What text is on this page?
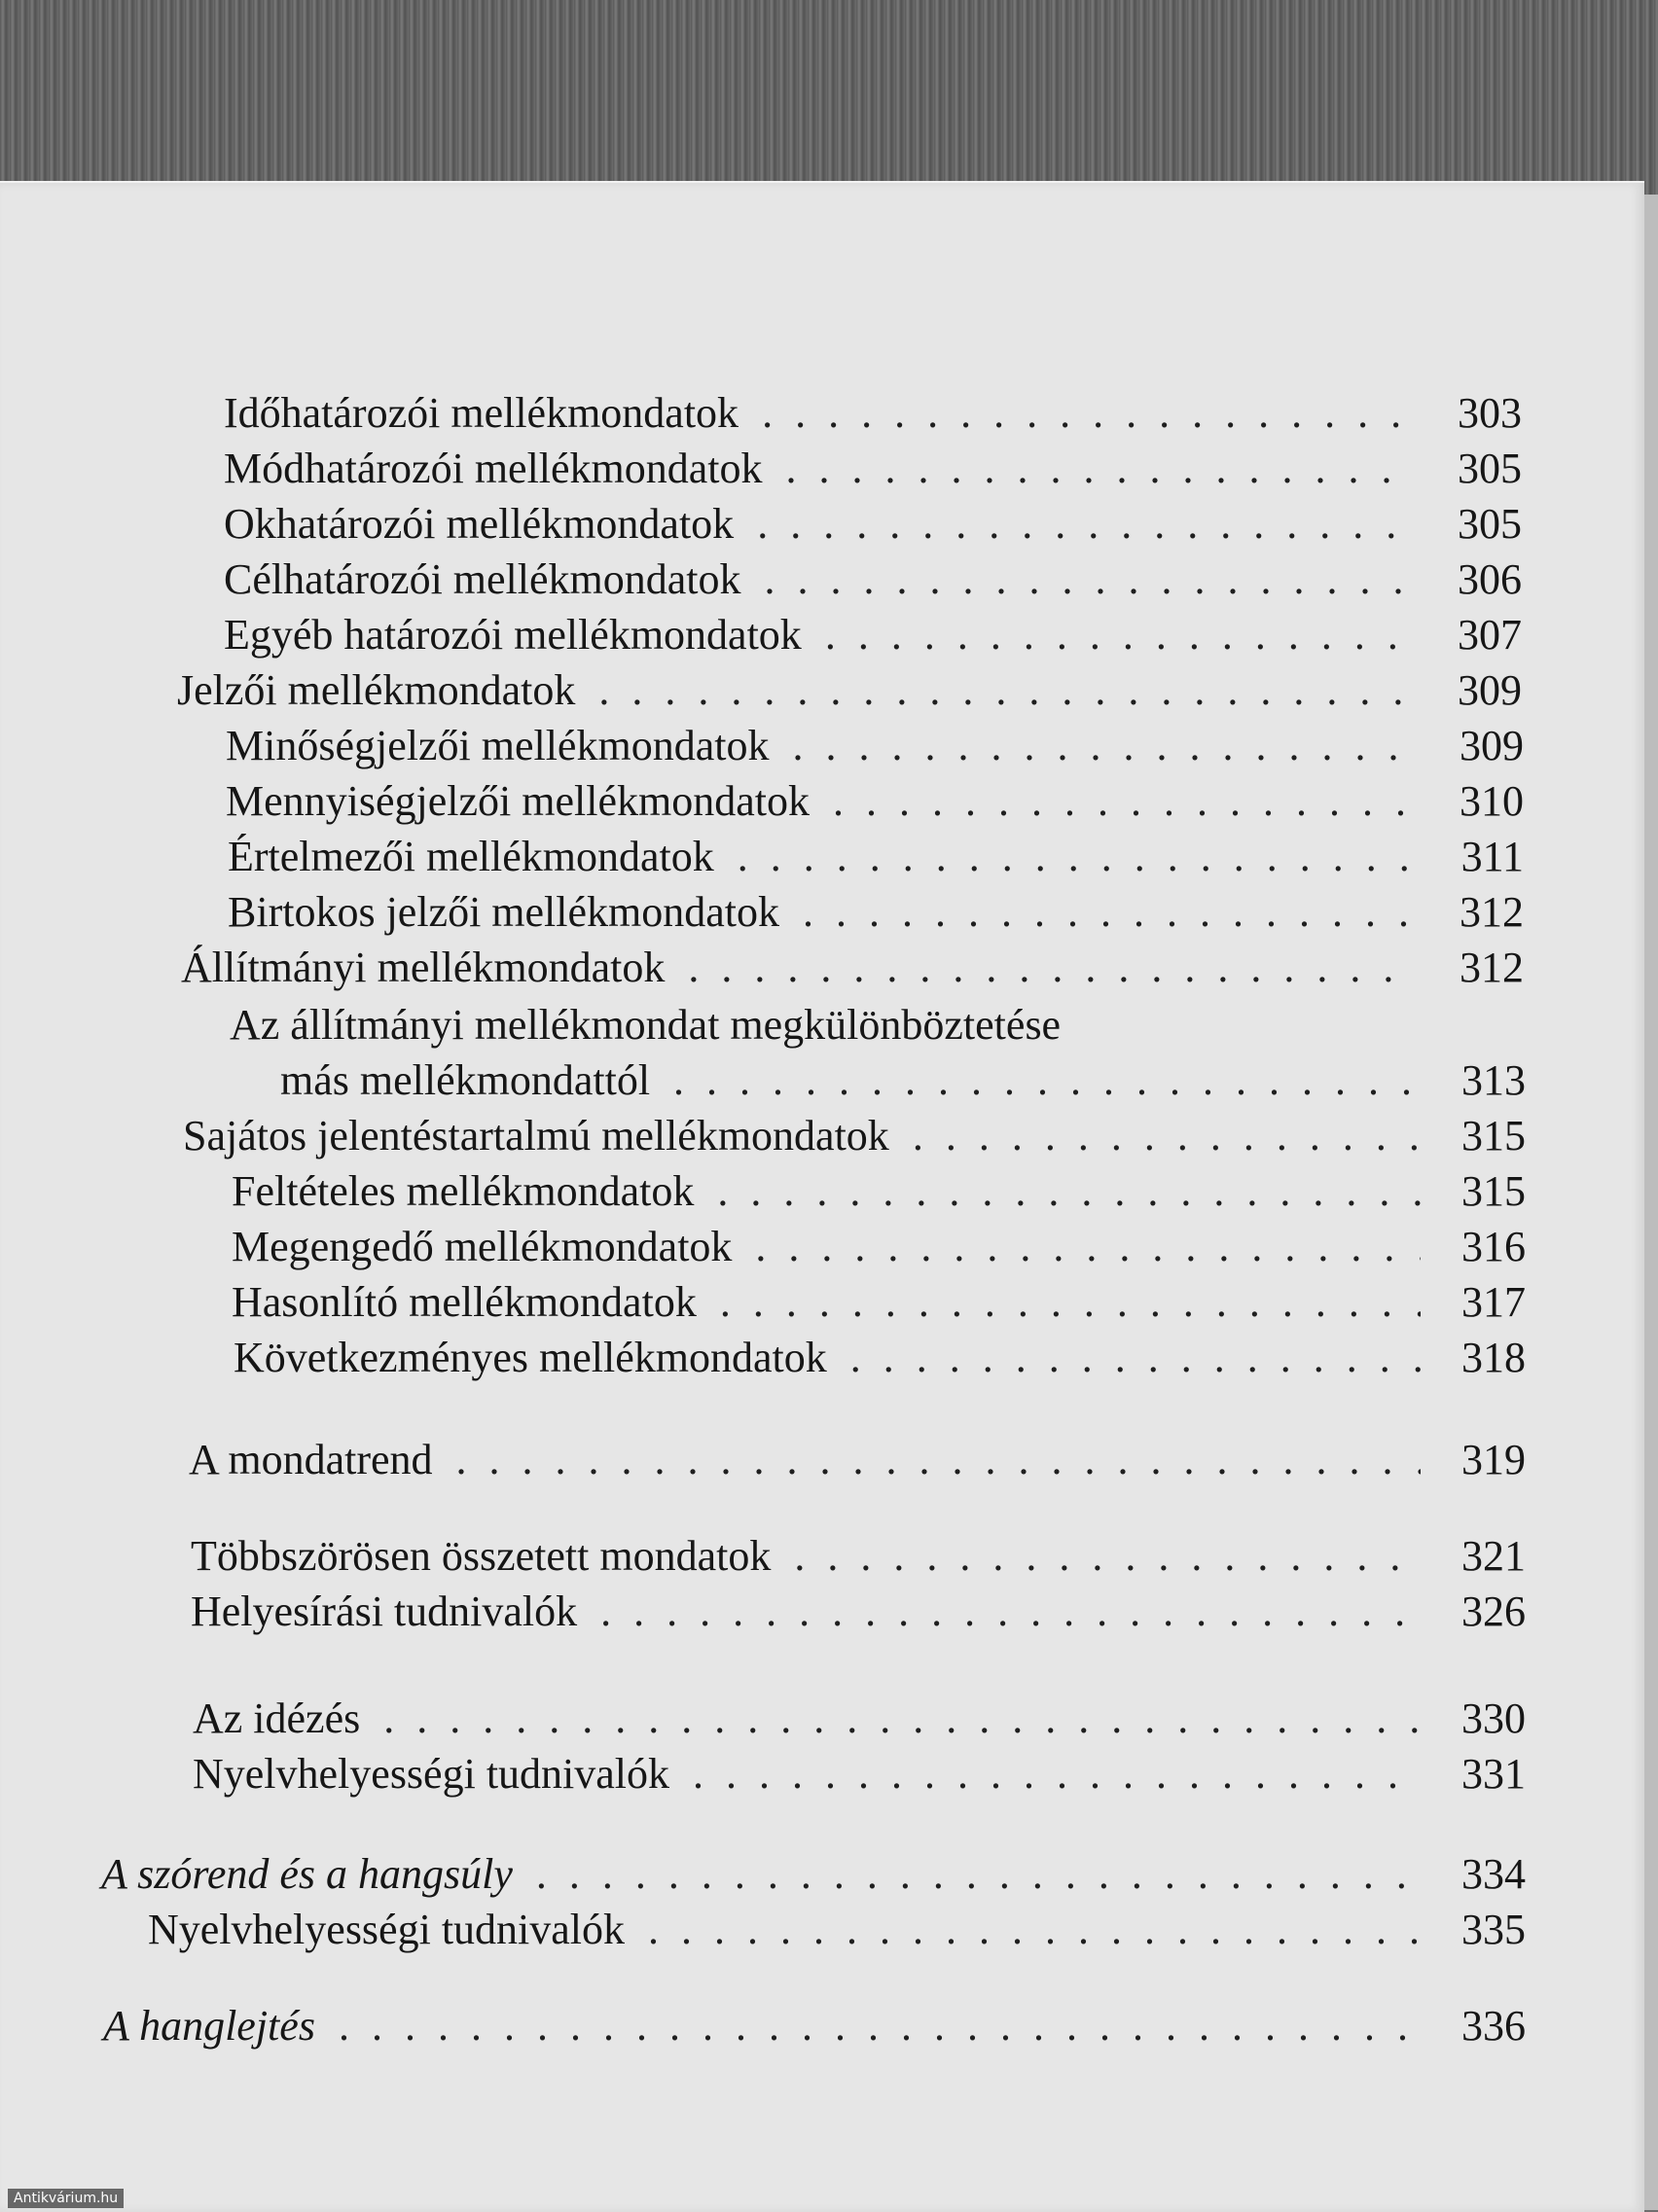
Időhatározói mellékmondatok . . .	303
Módhatározói mellékmondatok . . .	305
Okhatározói mellékmondatok . . .	305
Célhatározói mellékmondatok . . .	306
Egyéb határozói mellékmondatok . . .	307
Jelzői mellékmondatok . . .	309
Minőségjelzői mellékmondatok . . .	309
Mennyiségjelzői mellékmondatok . . .	310
Értelmezői mellékmondatok . . .	311
Birtokos jelzői mellékmondatok . . .	312
Állítmányi mellékmondatok . . .	312
Az állítmányi mellékmondat megkülönböztetése
más mellékmondattól . . .	313
Sajátos jelentéstartalmú mellékmondatok . . .	315
Feltételes mellékmondatok . . .	315
Megengedő mellékmondatok . . .	316
Hasonlító mellékmondatok . . .	317
Következményes mellékmondatok . . .	318
A mondatrend . . .	319
Többszörösen összetett mondatok . . .	321
Helyesírási tudnivalók . . .	326
Az idézés . . .	330
Nyelvhelyességi tudnivalók . . .	331
A szórend és a hangsúly . . .	334
Nyelvhelyességi tudnivalók . . .	335
A hanglejtés . . .	336
Antikvárium.hu
